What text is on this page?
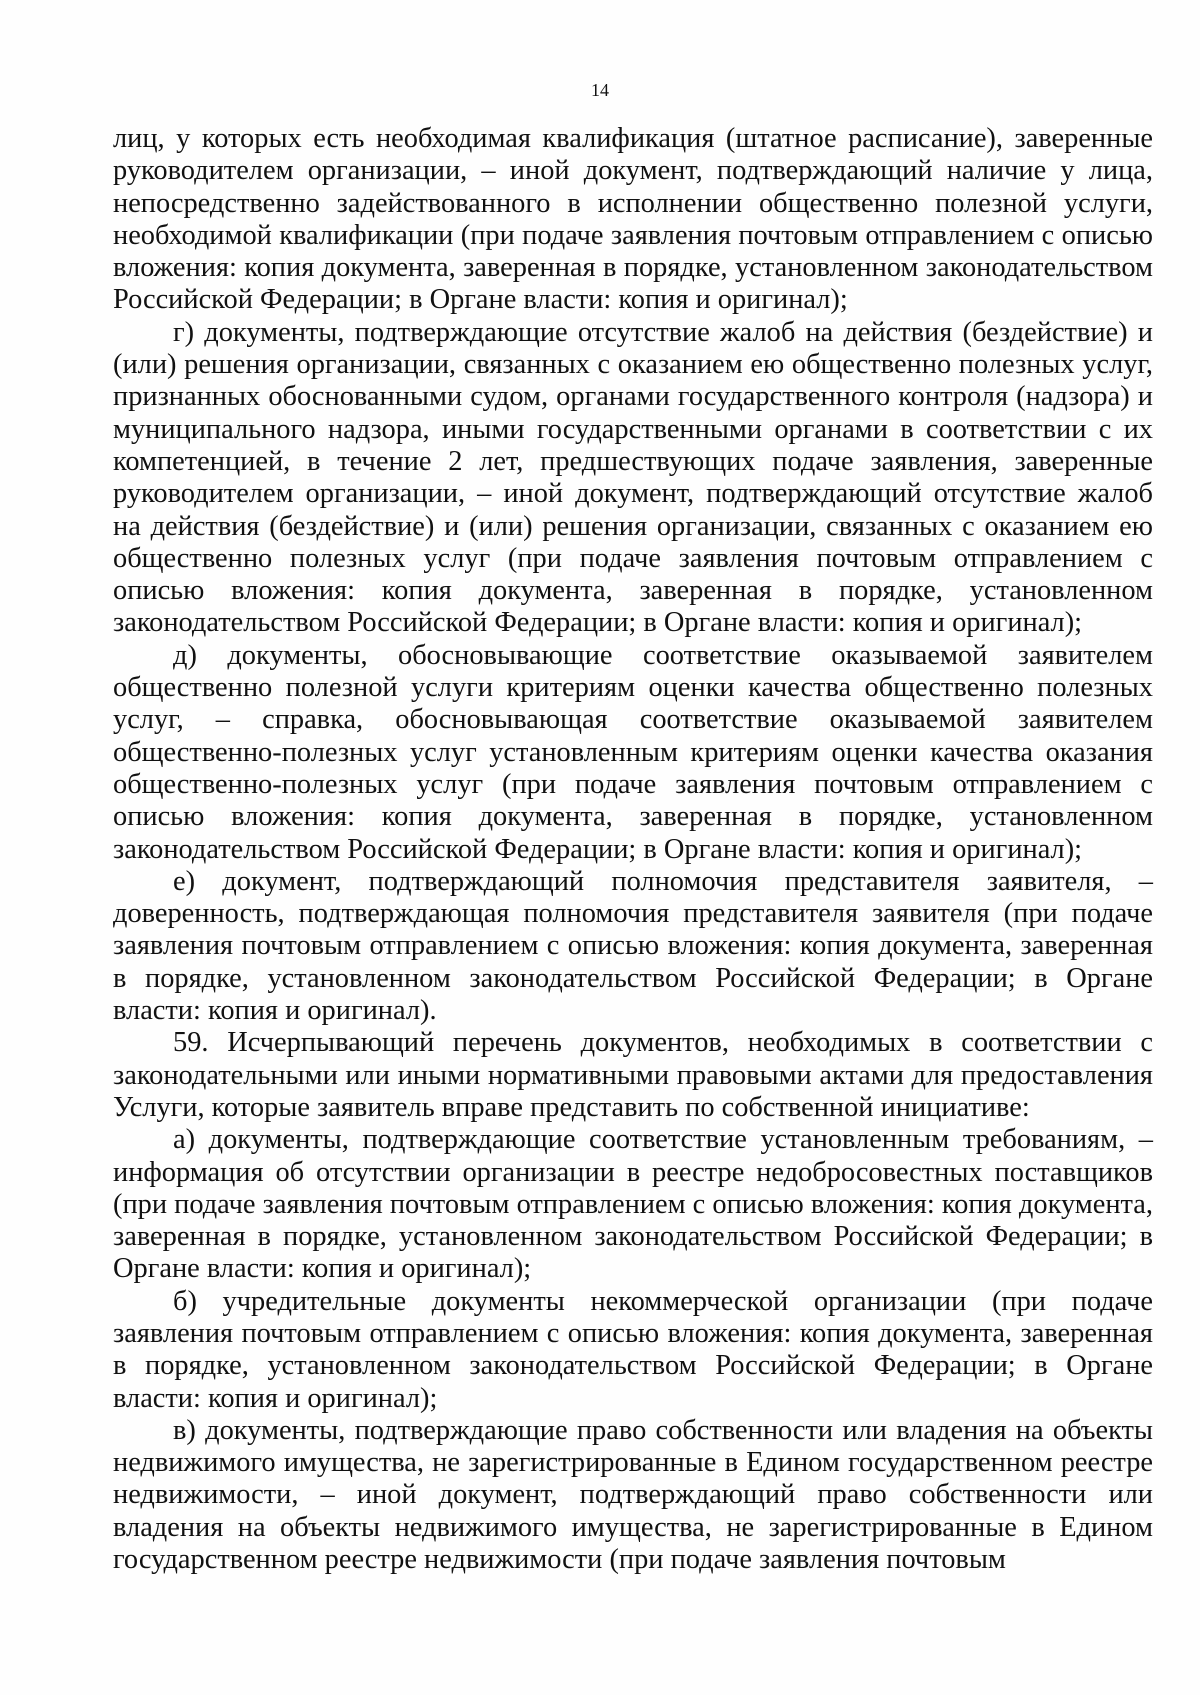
14

лиц, у которых есть необходимая квалификация (штатное расписание), заверенные руководителем организации, – иной документ, подтверждающий наличие у лица, непосредственно задействованного в исполнении общественно полезной услуги, необходимой квалификации (при подаче заявления почтовым отправлением с описью вложения: копия документа, заверенная в порядке, установленном законодательством Российской Федерации; в Органе власти: копия и оригинал);

г) документы, подтверждающие отсутствие жалоб на действия (бездействие) и (или) решения организации, связанных с оказанием ею общественно полезных услуг, признанных обоснованными судом, органами государственного контроля (надзора) и муниципального надзора, иными государственными органами в соответствии с их компетенцией, в течение 2 лет, предшествующих подаче заявления, заверенные руководителем организации, – иной документ, подтверждающий отсутствие жалоб на действия (бездействие) и (или) решения организации, связанных с оказанием ею общественно полезных услуг (при подаче заявления почтовым отправлением с описью вложения: копия документа, заверенная в порядке, установленном законодательством Российской Федерации; в Органе власти: копия и оригинал);

д) документы, обосновывающие соответствие оказываемой заявителем общественно полезной услуги критериям оценки качества общественно полезных услуг, – справка, обосновывающая соответствие оказываемой заявителем общественно-полезных услуг установленным критериям оценки качества оказания общественно-полезных услуг (при подаче заявления почтовым отправлением с описью вложения: копия документа, заверенная в порядке, установленном законодательством Российской Федерации; в Органе власти: копия и оригинал);

е) документ, подтверждающий полномочия представителя заявителя, – доверенность, подтверждающая полномочия представителя заявителя (при подаче заявления почтовым отправлением с описью вложения: копия документа, заверенная в порядке, установленном законодательством Российской Федерации; в Органе власти: копия и оригинал).

59. Исчерпывающий перечень документов, необходимых в соответствии с законодательными или иными нормативными правовыми актами для предоставления Услуги, которые заявитель вправе представить по собственной инициативе:

а) документы, подтверждающие соответствие установленным требованиям, – информация об отсутствии организации в реестре недобросовестных поставщиков (при подаче заявления почтовым отправлением с описью вложения: копия документа, заверенная в порядке, установленном законодательством Российской Федерации; в Органе власти: копия и оригинал);

б) учредительные документы некоммерческой организации (при подаче заявления почтовым отправлением с описью вложения: копия документа, заверенная в порядке, установленном законодательством Российской Федерации; в Органе власти: копия и оригинал);

в) документы, подтверждающие право собственности или владения на объекты недвижимого имущества, не зарегистрированные в Едином государственном реестре недвижимости, – иной документ, подтверждающий право собственности или владения на объекты недвижимого имущества, не зарегистрированные в Едином государственном реестре недвижимости (при подаче заявления почтовым
